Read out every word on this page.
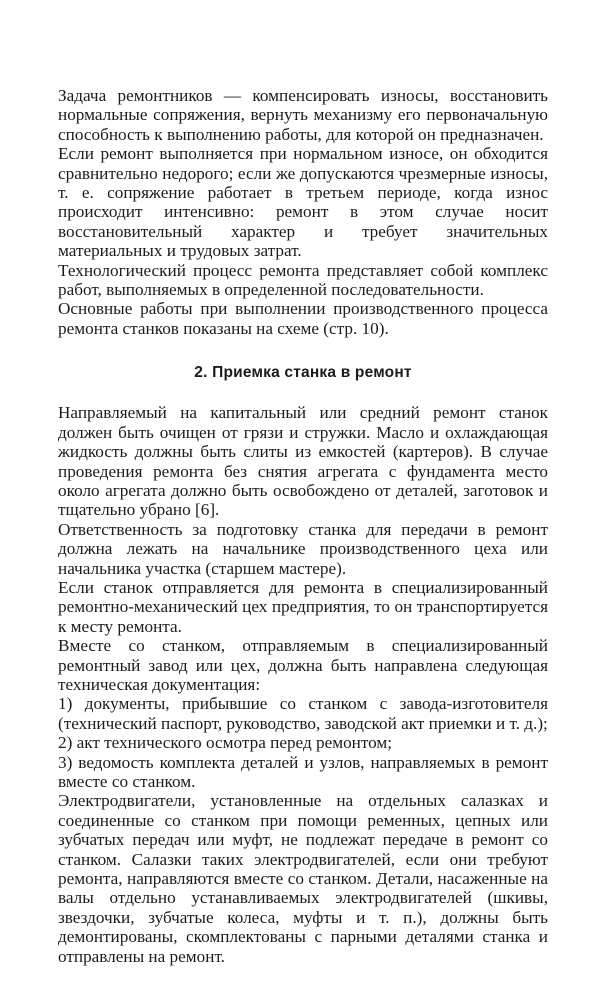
Задача ремонтников — компенсировать износы, восстановить нормальные сопряжения, вернуть механизму его первоначальную способность к выполнению работы, для которой он предназначен.

Если ремонт выполняется при нормальном износе, он обходится сравнительно недорого; если же допускаются чрезмерные износы, т. е. сопряжение работает в третьем периоде, когда износ происходит интенсивно: ремонт в этом случае носит восстановительный характер и требует значительных материальных и трудовых затрат.

Технологический процесс ремонта представляет собой комплекс работ, выполняемых в определенной последовательности.

Основные работы при выполнении производственного процесса ремонта станков показаны на схеме (стр. 10).

2. Приемка станка в ремонт

Направляемый на капитальный или средний ремонт станок должен быть очищен от грязи и стружки. Масло и охлаждающая жидкость должны быть слиты из емкостей (картеров). В случае проведения ремонта без снятия агрегата с фундамента место около агрегата должно быть освобождено от деталей, заготовок и тщательно убрано [6].

Ответственность за подготовку станка для передачи в ремонт должна лежать на начальнике производственного цеха или начальника участка (старшем мастере).

Если станок отправляется для ремонта в специализированный ремонтно-механический цех предприятия, то он транспортируется к месту ремонта.

Вместе со станком, отправляемым в специализированный ремонтный завод или цех, должна быть направлена следующая техническая документация:

1) документы, прибывшие со станком с завода-изготовителя (технический паспорт, руководство, заводской акт приемки и т. д.);

2) акт технического осмотра перед ремонтом;

3) ведомость комплекта деталей и узлов, направляемых в ремонт вместе со станком.

Электродвигатели, установленные на отдельных салазках и соединенные со станком при помощи ременных, цепных или зубчатых передач или муфт, не подлежат передаче в ремонт со станком. Салазки таких электродвигателей, если они требуют ремонта, направляются вместе со станком. Детали, насаженные на валы отдельно устанавливаемых электродвигателей (шкивы, звездочки, зубчатые колеса, муфты и т. п.), должны быть демонтированы, скомплектованы с парными деталями станка и отправлены на ремонт.
